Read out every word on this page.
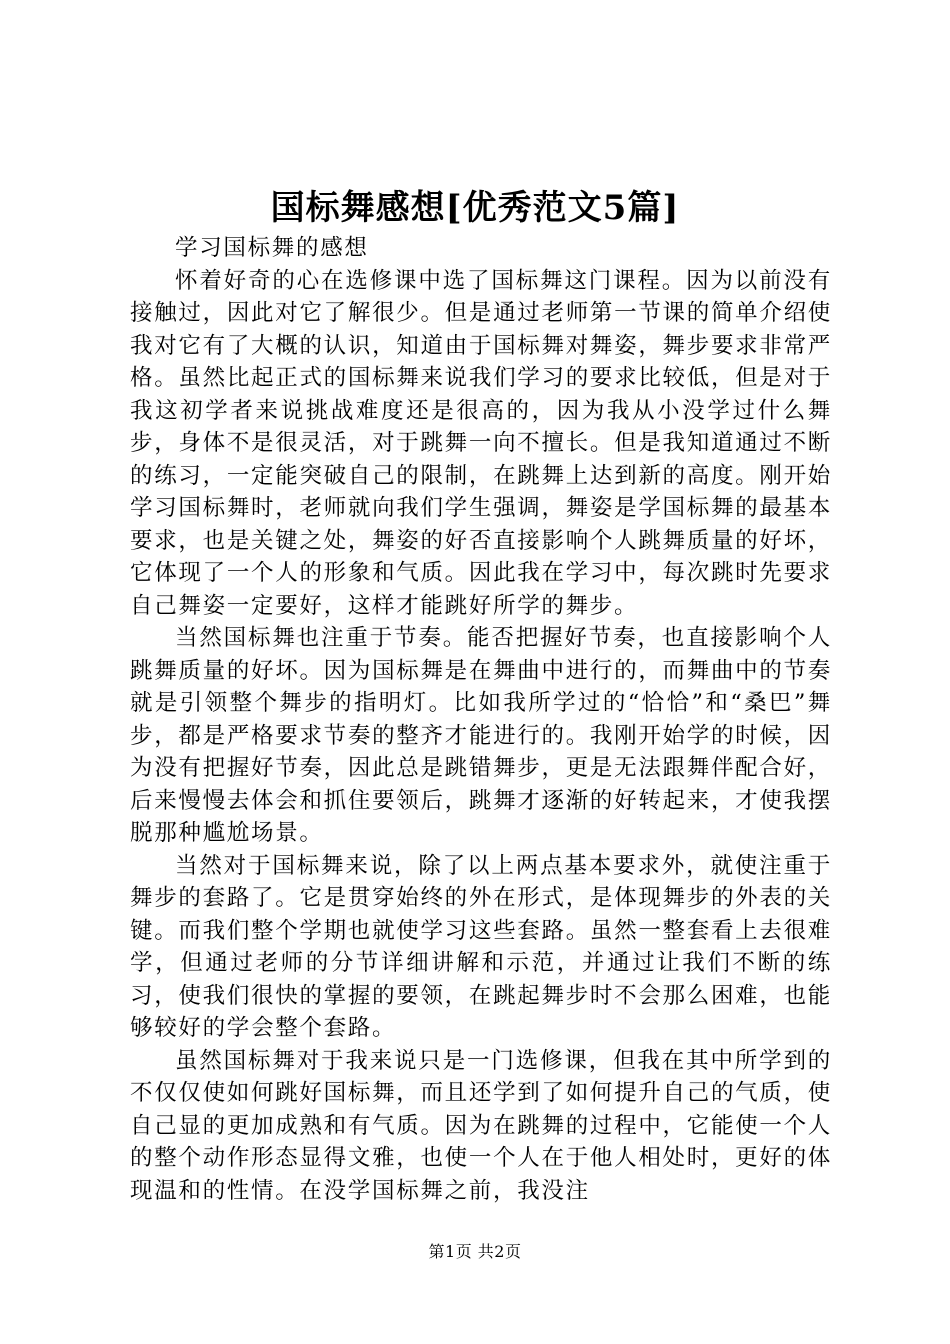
国标舞感想[优秀范文5篇]

学习国标舞的感想

怀着好奇的心在选修课中选了国标舞这门课程。因为以前没有接触过，因此对它了解很少。但是通过老师第一节课的简单介绍使我对它有了大概的认识，知道由于国标舞对舞姿，舞步要求非常严格。虽然比起正式的国标舞来说我们学习的要求比较低，但是对于我这初学者来说挑战难度还是很高的，因为我从小没学过什么舞步，身体不是很灵活，对于跳舞一向不擅长。但是我知道通过不断的练习，一定能突破自己的限制，在跳舞上达到新的高度。刚开始学习国标舞时，老师就向我们学生强调，舞姿是学国标舞的最基本要求，也是关键之处，舞姿的好否直接影响个人跳舞质量的好坏，它体现了一个人的形象和气质。因此我在学习中，每次跳时先要求自己舞姿一定要好，这样才能跳好所学的舞步。

当然国标舞也注重于节奏。能否把握好节奏，也直接影响个人跳舞质量的好坏。因为国标舞是在舞曲中进行的，而舞曲中的节奏就是引领整个舞步的指明灯。比如我所学过的“恰恰”和“桑巴”舞步，都是严格要求节奏的整齐才能进行的。我刚开始学的时候，因为没有把握好节奏，因此总是跳错舞步，更是无法跟舞伴配合好，后来慢慢去体会和抓住要领后，跳舞才逐渐的好转起来，才使我摆脱那种尴尬场景。

当然对于国标舞来说，除了以上两点基本要求外，就使注重于舞步的套路了。它是贯穿始终的外在形式，是体现舞步的外表的关键。而我们整个学期也就使学习这些套路。虽然一整套看上去很难学，但通过老师的分节详细讲解和示范，并通过让我们不断的练习，使我们很快的掌握的要领，在跳起舞步时不会那么困难，也能够较好的学会整个套路。

虽然国标舞对于我来说只是一门选修课，但我在其中所学到的不仅仅使如何跳好国标舞，而且还学到了如何提升自己的气质，使自己显的更加成熟和有气质。因为在跳舞的过程中，它能使一个人的整个动作形态显得文雅，也使一个人在于他人相处时，更好的体现温和的性情。在没学国标舞之前，我没注

第1页 共2页
